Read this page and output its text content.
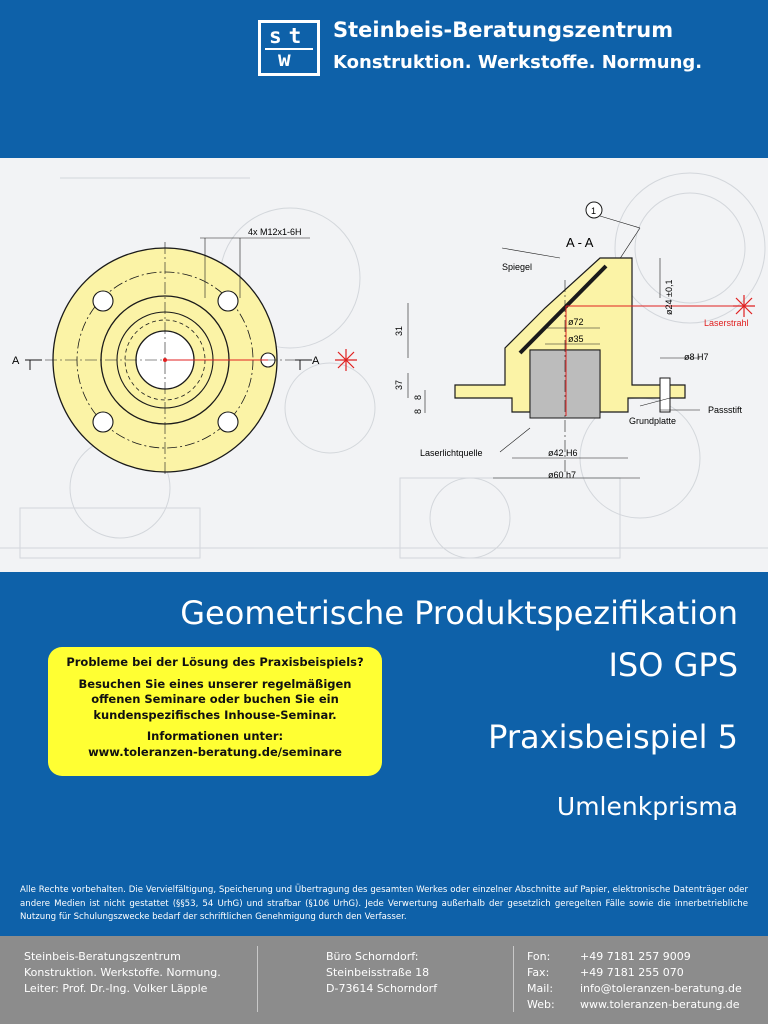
st
w
Steinbeis-Beratungszentrum
Konstruktion. Werkstoffe. Normung.
4x M12x1-6H
A	A
A - A
1
Spiegel
Laserstrahl
ø72
ø35
ø24 ±0,1
ø8 H7
Passstift
Grundplatte
Laserlichtquelle	ø42 H6
ø60 h7
31
37
8
8
Geometrische Produktspezifikation
ISO GPS
Praxisbeispiel 5
Umlenkprisma

Probleme bei der Lösung des Praxisbeispiels?

Besuchen Sie eines unserer regelmäßigen offenen Seminare oder buchen Sie ein kundenspezifisches Inhouse-Seminar.

Informationen unter:

www.toleranzen-beratung.de/seminare

Alle Rechte vorbehalten. Die Vervielfältigung, Speicherung und Übertragung des gesamten Werkes oder einzelner Abschnitte auf Papier, elektronische Datenträger oder andere Medien ist nicht gestattet (§§53, 54 UrhG) und strafbar (§106 UrhG). Jede Verwertung außerhalb der gesetzlich geregelten Fälle sowie die innerbetriebliche Nutzung für Schulungszwecke bedarf der schriftlichen Genehmigung durch den Verfasser.
Steinbeis-Beratungszentrum
Konstruktion. Werkstoffe. Normung.
Leiter: Prof. Dr.-Ing. Volker Läpple
Büro Schorndorf:
Steinbeisstraße 18
D-73614 Schorndorf
Fon:	+49 7181 257 9009
Fax:	+49 7181 255 070
Mail:	info@toleranzen-beratung.de
Web:	www.toleranzen-beratung.de
